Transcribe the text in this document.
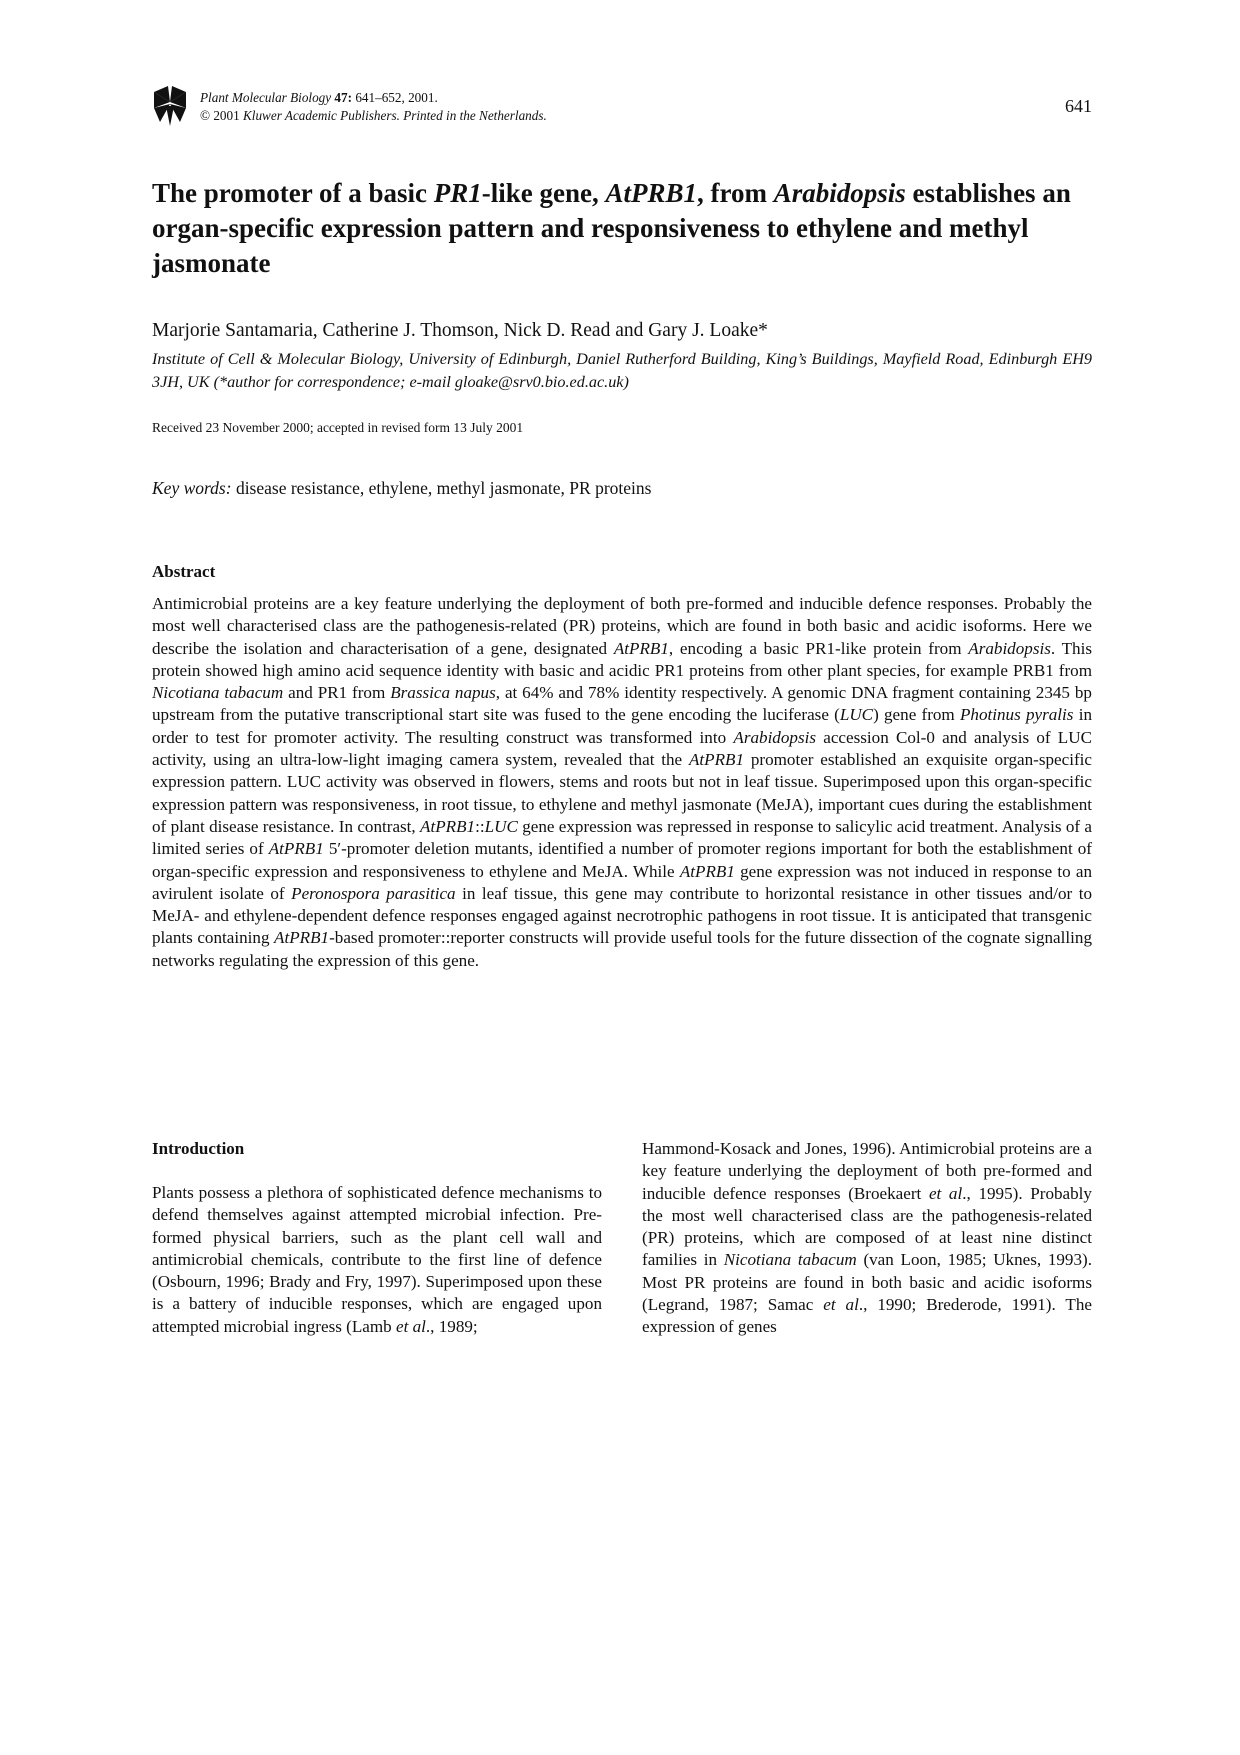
Plant Molecular Biology 47: 641–652, 2001.
© 2001 Kluwer Academic Publishers. Printed in the Netherlands.	641
The promoter of a basic PR1-like gene, AtPRB1, from Arabidopsis establishes an organ-specific expression pattern and responsiveness to ethylene and methyl jasmonate

Marjorie Santamaria, Catherine J. Thomson, Nick D. Read and Gary J. Loake*

Institute of Cell & Molecular Biology, University of Edinburgh, Daniel Rutherford Building, King’s Buildings, Mayfield Road, Edinburgh EH9 3JH, UK (*author for correspondence; e-mail gloake@srv0.bio.ed.ac.uk)

Received 23 November 2000; accepted in revised form 13 July 2001

Key words: disease resistance, ethylene, methyl jasmonate, PR proteins

Abstract

Antimicrobial proteins are a key feature underlying the deployment of both pre-formed and inducible defence responses. Probably the most well characterised class are the pathogenesis-related (PR) proteins, which are found in both basic and acidic isoforms. Here we describe the isolation and characterisation of a gene, designated AtPRB1, encoding a basic PR1-like protein from Arabidopsis. This protein showed high amino acid sequence identity with basic and acidic PR1 proteins from other plant species, for example PRB1 from Nicotiana tabacum and PR1 from Brassica napus, at 64% and 78% identity respectively. A genomic DNA fragment containing 2345 bp upstream from the putative transcriptional start site was fused to the gene encoding the luciferase (LUC) gene from Photinus pyralis in order to test for promoter activity. The resulting construct was transformed into Arabidopsis accession Col-0 and analysis of LUC activity, using an ultra-low-light imaging camera system, revealed that the AtPRB1 promoter established an exquisite organ-specific expression pattern. LUC activity was observed in flowers, stems and roots but not in leaf tissue. Superimposed upon this organ-specific expression pattern was responsiveness, in root tissue, to ethylene and methyl jasmonate (MeJA), important cues during the establishment of plant disease resistance. In contrast, AtPRB1::LUC gene expression was repressed in response to salicylic acid treatment. Analysis of a limited series of AtPRB1 5′-promoter deletion mutants, identified a number of promoter regions important for both the establishment of organ-specific expression and responsiveness to ethylene and MeJA. While AtPRB1 gene expression was not induced in response to an avirulent isolate of Peronospora parasitica in leaf tissue, this gene may contribute to horizontal resistance in other tissues and/or to MeJA- and ethylene-dependent defence responses engaged against necrotrophic pathogens in root tissue. It is anticipated that transgenic plants containing AtPRB1-based promoter::reporter constructs will provide useful tools for the future dissection of the cognate signalling networks regulating the expression of this gene.

Introduction

Plants possess a plethora of sophisticated defence mechanisms to defend themselves against attempted microbial infection. Pre-formed physical barriers, such as the plant cell wall and antimicrobial chemicals, contribute to the first line of defence (Osbourn, 1996; Brady and Fry, 1997). Superimposed upon these is a battery of inducible responses, which are engaged upon attempted microbial ingress (Lamb et al., 1989;

Hammond-Kosack and Jones, 1996). Antimicrobial proteins are a key feature underlying the deployment of both pre-formed and inducible defence responses (Broekaert et al., 1995). Probably the most well characterised class are the pathogenesis-related (PR) proteins, which are composed of at least nine distinct families in Nicotiana tabacum (van Loon, 1985; Uknes, 1993). Most PR proteins are found in both basic and acidic isoforms (Legrand, 1987; Samac et al., 1990; Brederode, 1991). The expression of genes
